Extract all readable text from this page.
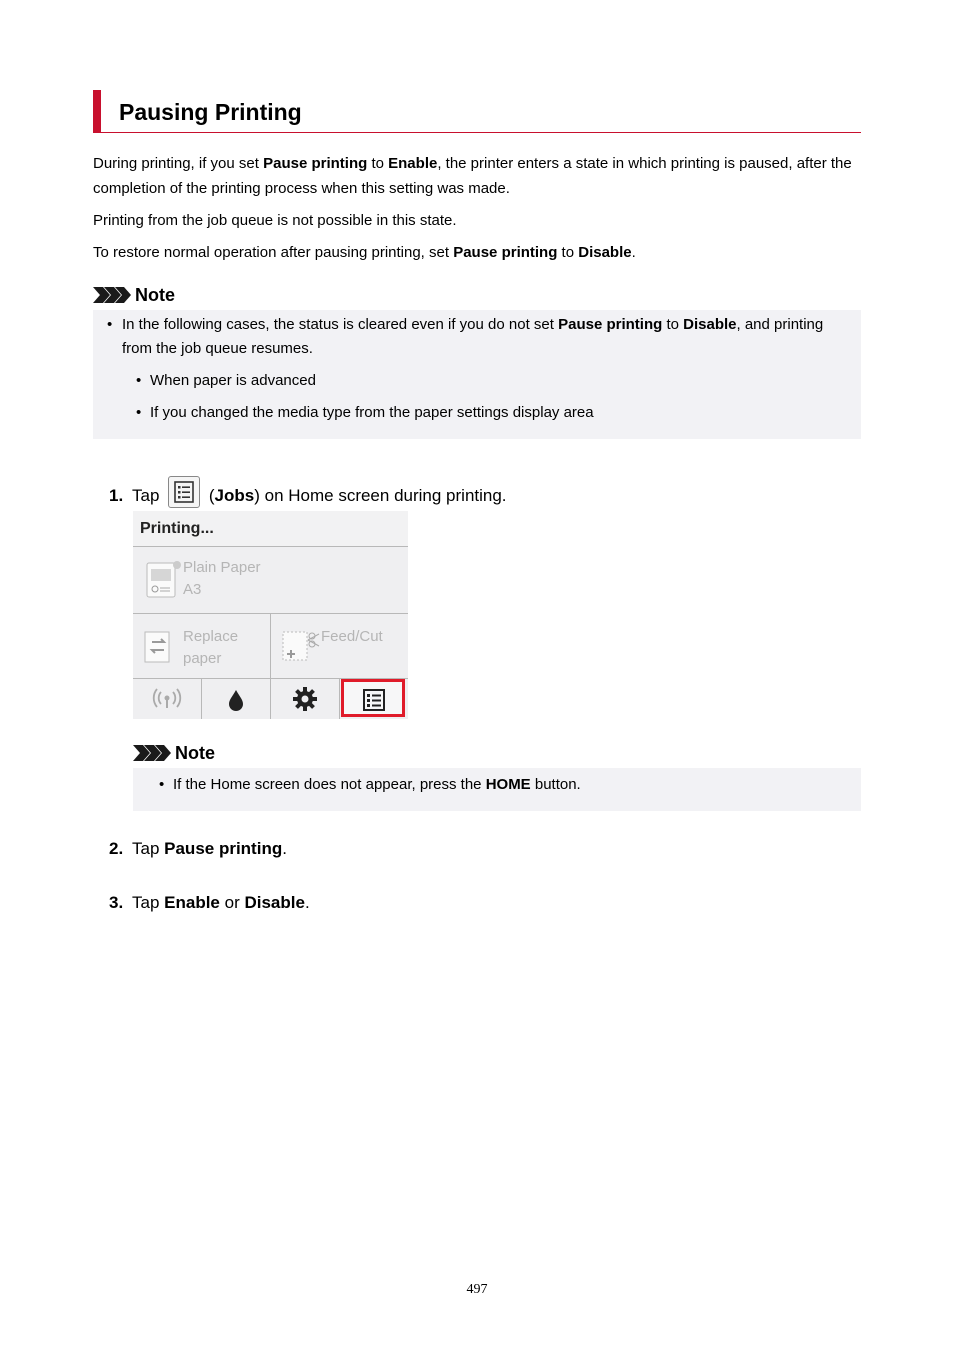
Pausing Printing

During printing, if you set Pause printing to Enable, the printer enters a state in which printing is paused, after the completion of the printing process when this setting was made.

Printing from the job queue is not possible in this state.

To restore normal operation after pausing printing, set Pause printing to Disable.

Note
• In the following cases, the status is cleared even if you do not set Pause printing to Disable, and printing from the job queue resumes.
• When paper is advanced
• If you changed the media type from the paper settings display area
1. Tap	(Jobs) on Home screen during printing.
Printing...
Plain Paper
A3
Replace
paper
Feed/Cut
Note
• If the Home screen does not appear, press the HOME button.
2. Tap Pause printing.
3. Tap Enable or Disable.
497
